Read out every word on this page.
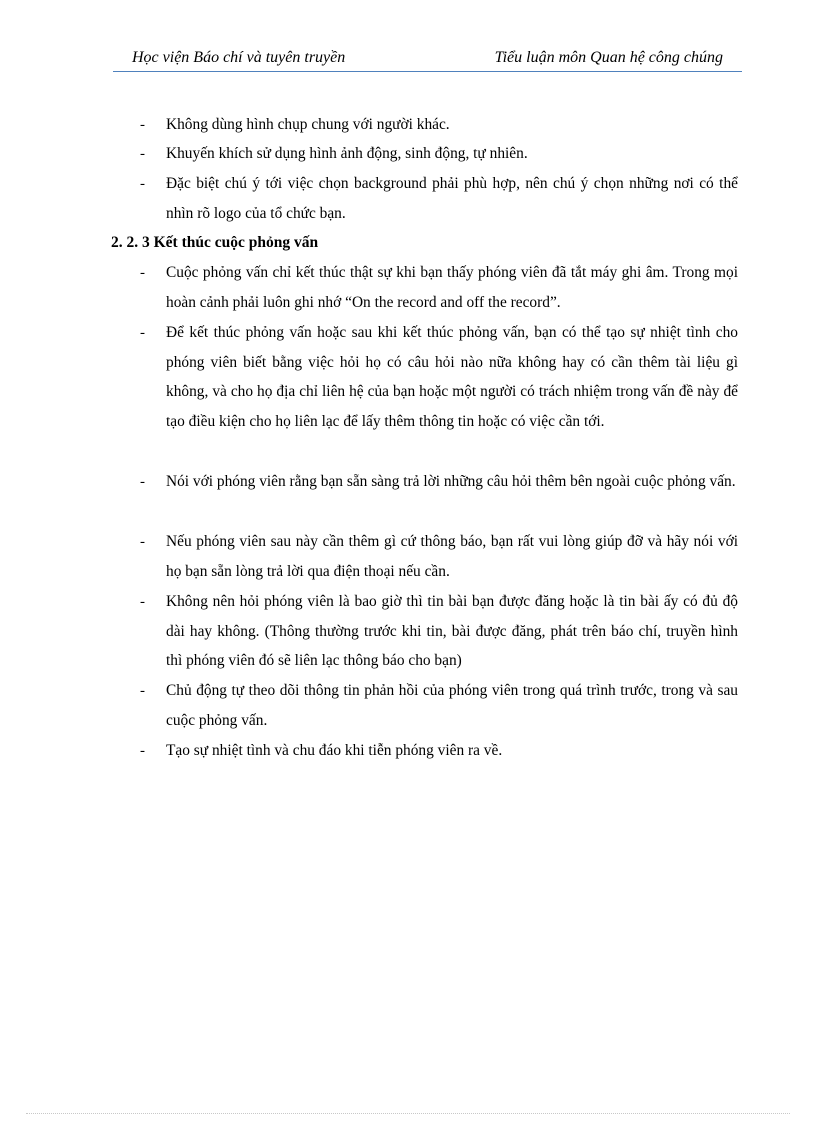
Học viện Báo chí và tuyên truyền	Tiểu luận môn Quan hệ công chúng
- Không dùng hình chụp chung với người khác.
- Khuyến khích sử dụng hình ảnh động, sinh động, tự nhiên.
- Đặc biệt chú ý tới việc chọn background phải phù hợp, nên chú ý chọn những nơi có thể nhìn rõ logo của tổ chức bạn.
2. 2. 3 Kết thúc cuộc phỏng vấn
- Cuộc phỏng vấn chỉ kết thúc thật sự khi bạn thấy phóng viên đã tắt máy ghi âm. Trong mọi hoàn cảnh phải luôn ghi nhớ “On the record and off the record”.
- Để kết thúc phỏng vấn hoặc sau khi kết thúc phỏng vấn, bạn có thể tạo sự nhiệt tình cho phóng viên biết bằng việc hỏi họ có câu hỏi nào nữa không hay có cần thêm tài liệu gì không, và cho họ địa chỉ liên hệ của bạn hoặc một người có trách nhiệm trong vấn đề này để tạo điều kiện cho họ liên lạc để lấy thêm thông tin hoặc có việc cần tới.
- Nói với phóng viên rằng bạn sẵn sàng trả lời những câu hỏi thêm bên ngoài cuộc phỏng vấn.
- Nếu phóng viên sau này cần thêm gì cứ thông báo, bạn rất vui lòng giúp đỡ và hãy nói với họ bạn sẵn lòng trả lời qua điện thoại nếu cần.
- Không nên hỏi phóng viên là bao giờ thì tin bài bạn được đăng hoặc là tin bài ấy có đủ độ dài hay không. (Thông thường trước khi tin, bài được đăng, phát trên báo chí, truyền hình thì phóng viên đó sẽ liên lạc thông báo cho bạn)
- Chủ động tự theo dõi thông tin phản hồi của phóng viên trong quá trình trước, trong và sau cuộc phỏng vấn.
- Tạo sự nhiệt tình và chu đáo khi tiễn phóng viên ra về.
